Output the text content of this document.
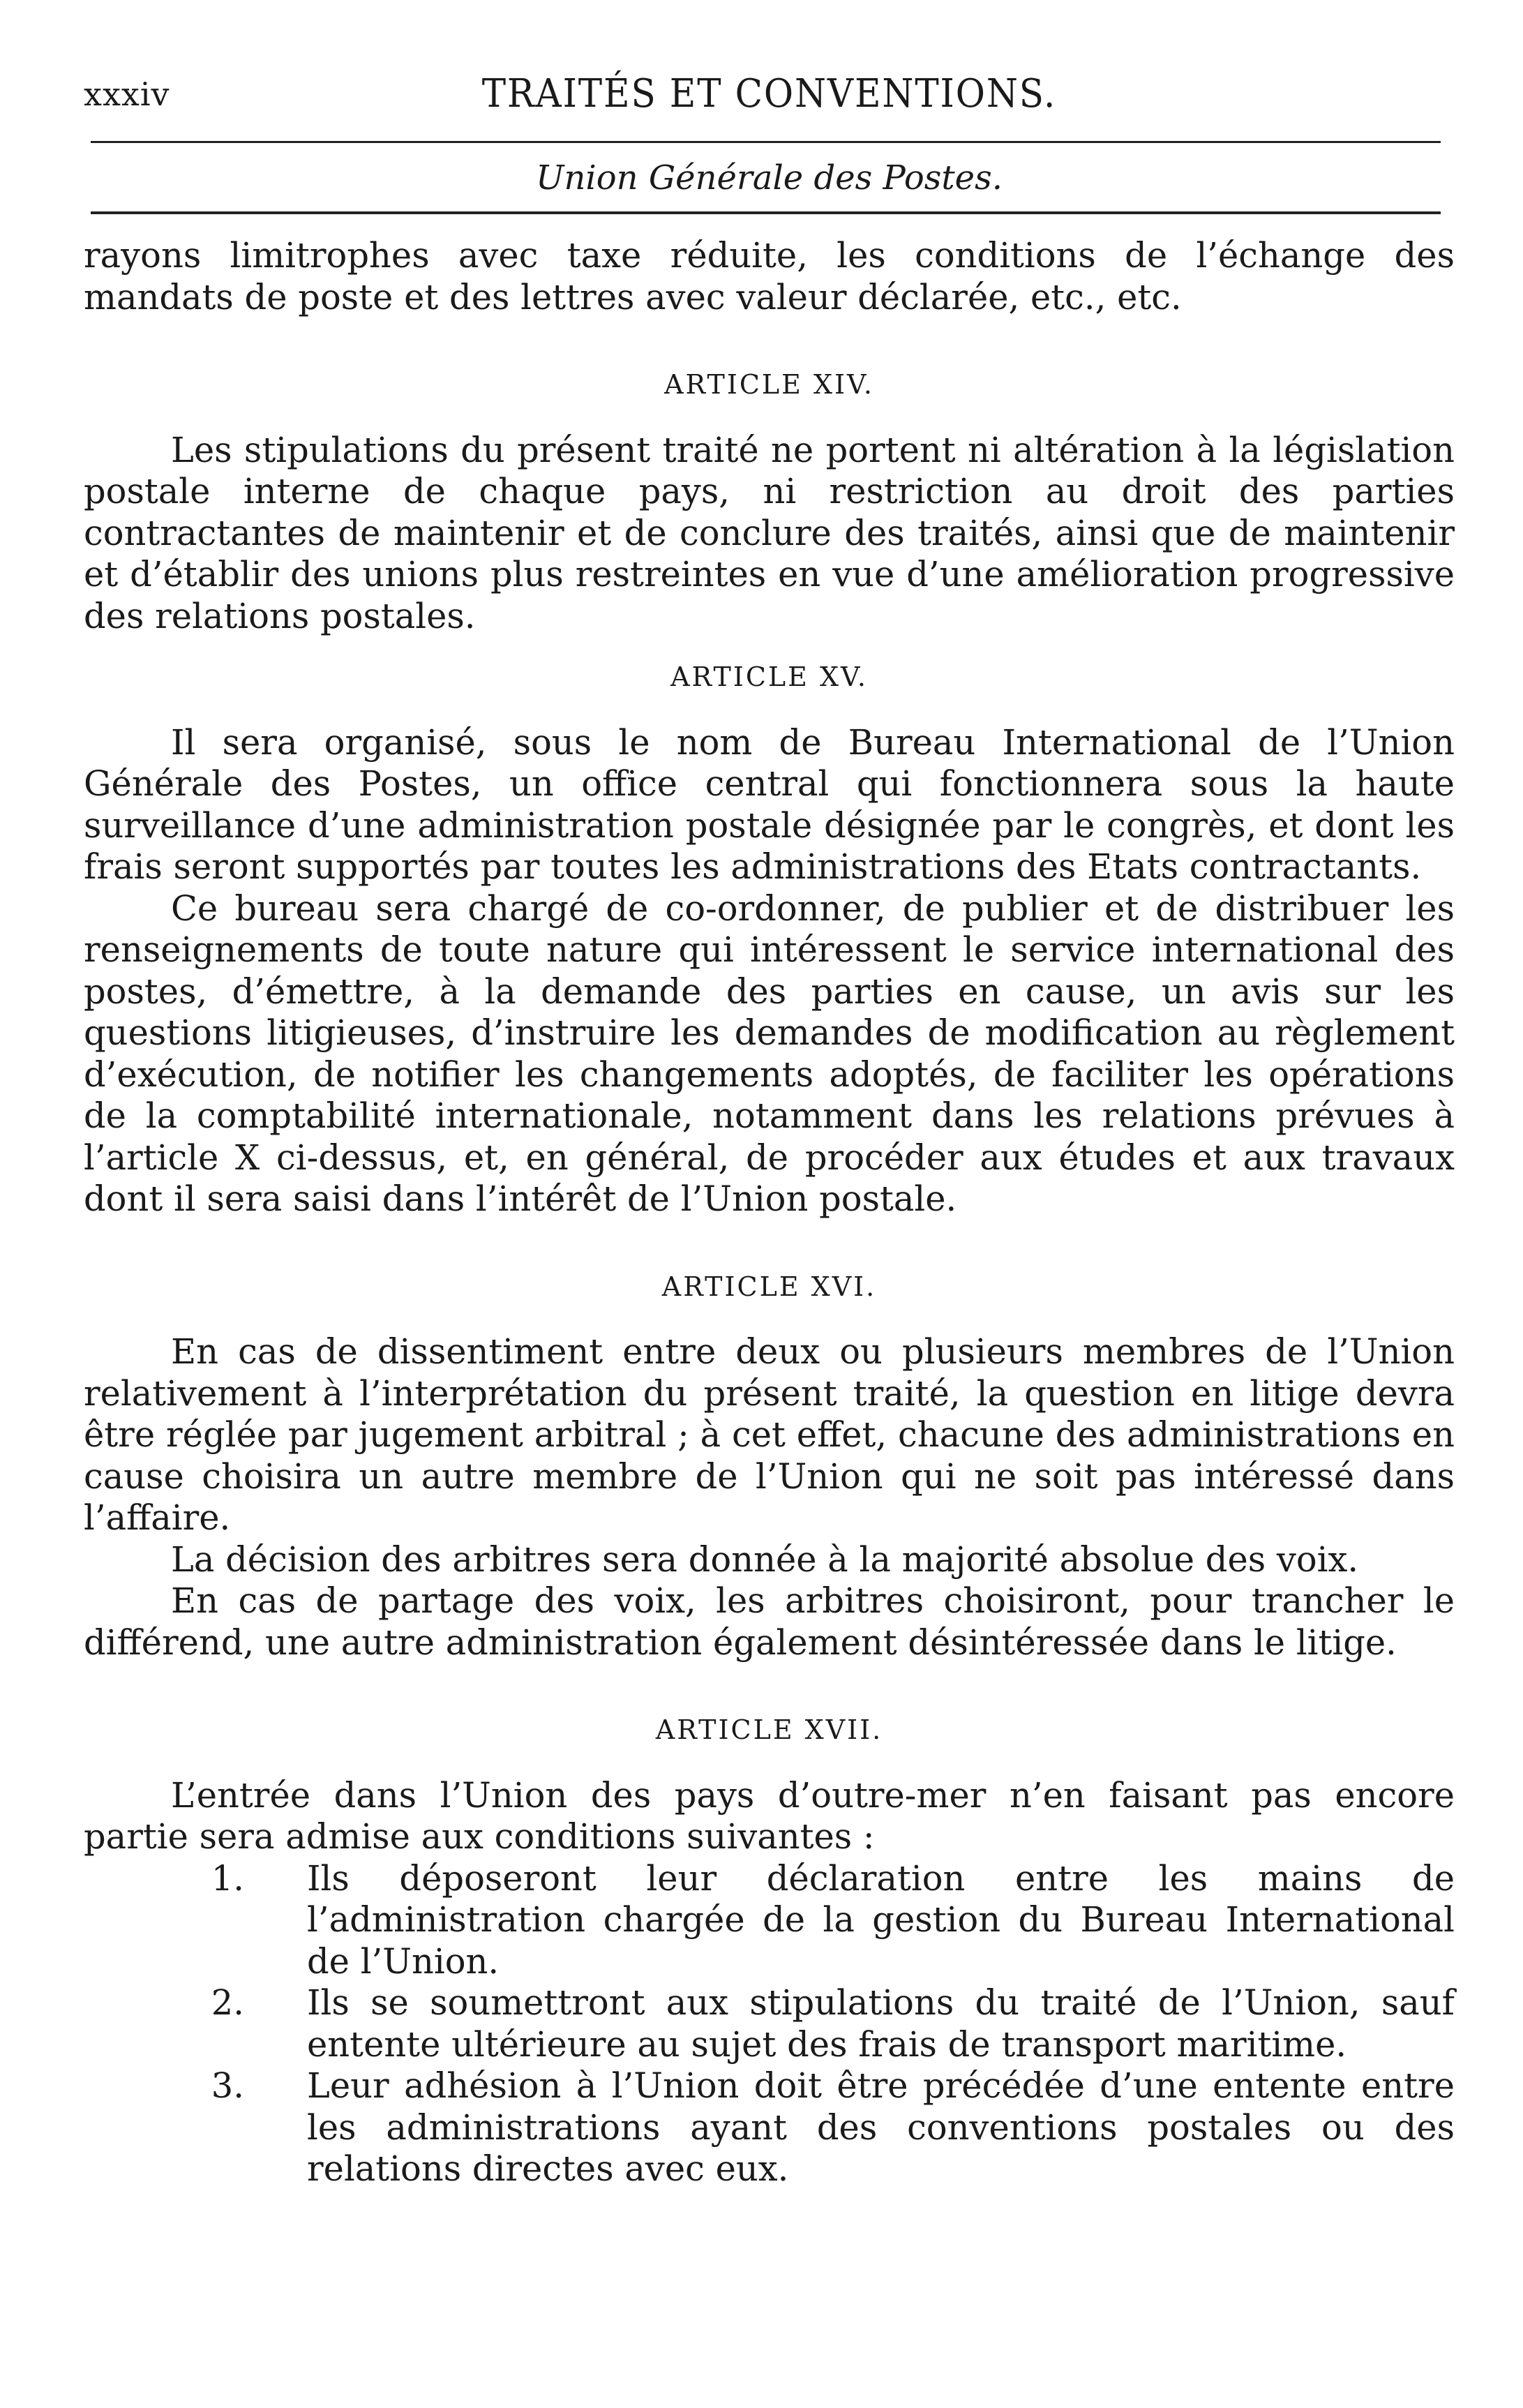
xxxiv	TRAITÉS ET CONVENTIONS.
Union Générale des Postes.

rayons limitrophes avec taxe réduite, les conditions de l’échange des mandats de poste et des lettres avec valeur déclarée, etc., etc.

ARTICLE XIV.

Les stipulations du présent traité ne portent ni altération à la législation postale interne de chaque pays, ni restriction au droit des parties contractantes de maintenir et de conclure des traités, ainsi que de maintenir et d’établir des unions plus restreintes en vue d’une amélioration progressive des relations postales.

ARTICLE XV.

Il sera organisé, sous le nom de Bureau International de l’Union Générale des Postes, un office central qui fonctionnera sous la haute surveillance d’une administration postale désignée par le congrès, et dont les frais seront supportés par toutes les administrations des Etats contractants.

Ce bureau sera chargé de co-ordonner, de publier et de distribuer les renseignements de toute nature qui intéressent le service international des postes, d’émettre, à la demande des parties en cause, un avis sur les questions litigieuses, d’instruire les demandes de modification au règlement d’exécution, de notifier les changements adoptés, de faciliter les opérations de la comptabilité internationale, notamment dans les relations prévues à l’article X ci-dessus, et, en général, de procéder aux études et aux travaux dont il sera saisi dans l’intérêt de l’Union postale.

ARTICLE XVI.

En cas de dissentiment entre deux ou plusieurs membres de l’Union relativement à l’interprétation du présent traité, la question en litige devra être réglée par jugement arbitral ; à cet effet, chacune des administrations en cause choisira un autre membre de l’Union qui ne soit pas intéressé dans l’affaire.

La décision des arbitres sera donnée à la majorité absolue des voix.

En cas de partage des voix, les arbitres choisiront, pour trancher le différend, une autre administration également désintéressée dans le litige.

ARTICLE XVII.

L’entrée dans l’Union des pays d’outre-mer n’en faisant pas encore partie sera admise aux conditions suivantes :

1. Ils déposeront leur déclaration entre les mains de l’administration chargée de la gestion du Bureau International de l’Union.
2. Ils se soumettront aux stipulations du traité de l’Union, sauf entente ultérieure au sujet des frais de transport maritime.
3. Leur adhésion à l’Union doit être précédée d’une entente entre les administrations ayant des conventions postales ou des relations directes avec eux.
